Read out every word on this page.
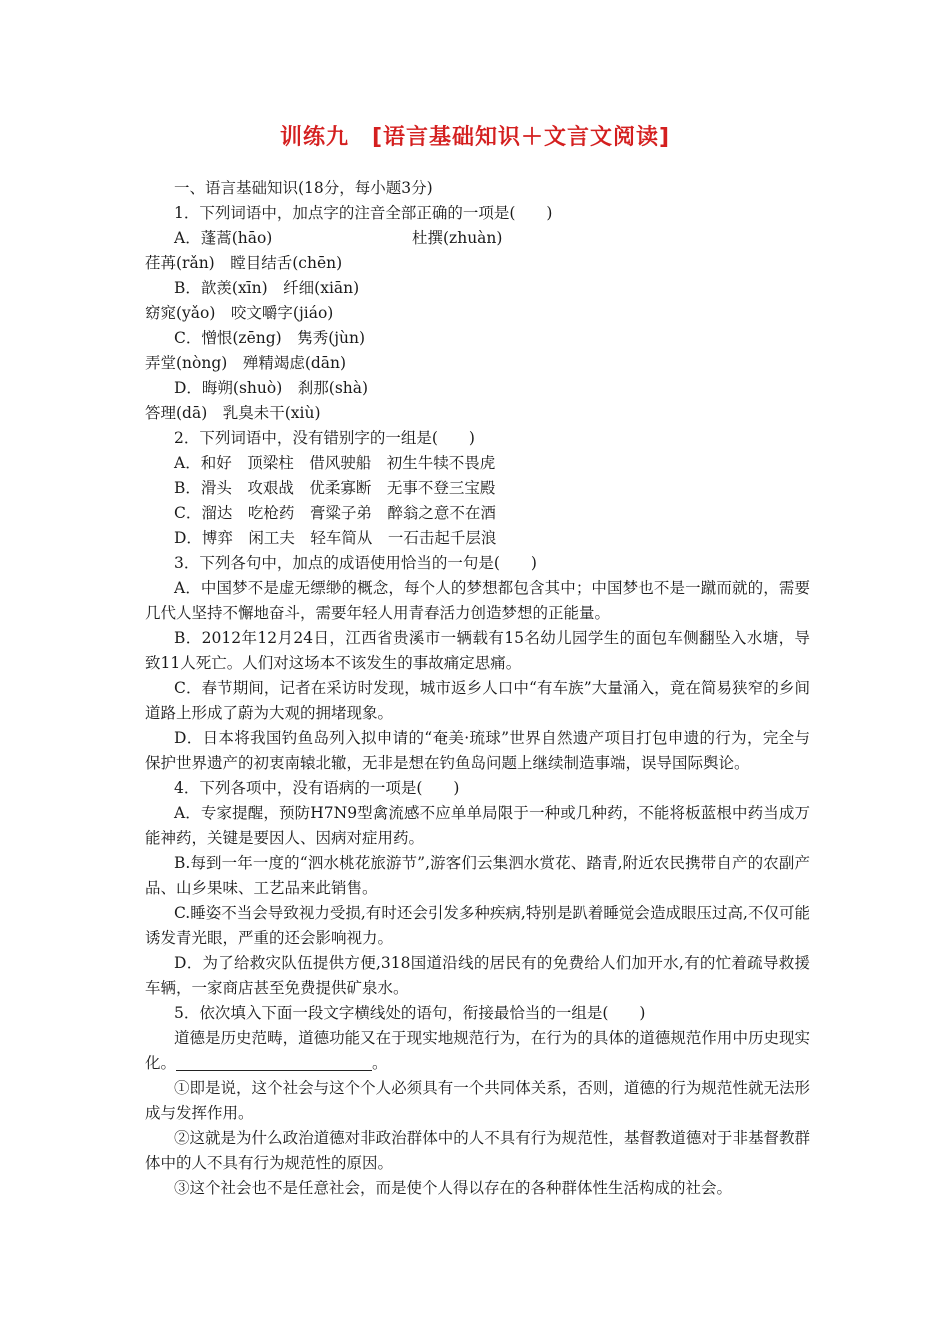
训练九　[语言基础知识＋文言文阅读]
一、语言基础知识(18分，每小题3分)
1．下列词语中，加点字的注音全部正确的一项是(　　)
A．蓬蒿(hāo)	杜撰(zhuàn)
荏苒(rǎn)　瞠目结舌(chēn)
B．歆羡(xīn)　纤细(xiān)
窈窕(yǎo)　咬文嚼字(jiáo)
C．憎恨(zēng)　隽秀(jùn)
弄堂(nòng)　殚精竭虑(dān)
D．晦朔(shuò)　刹那(shà)
答理(dā)　乳臭未干(xiù)
2．下列词语中，没有错别字的一组是(　　)
A．和好　顶梁柱　借风驶船　初生牛犊不畏虎
B．滑头　攻艰战　优柔寡断　无事不登三宝殿
C．溜达　吃枪药　膏粱子弟　醉翁之意不在酒
D．博弈　闲工夫　轻车简从　一石击起千层浪
3．下列各句中，加点的成语使用恰当的一句是(　　)

A．中国梦不是虚无缥缈的概念，每个人的梦想都包含其中；中国梦也不是一蹴而就的，需要几代人坚持不懈地奋斗，需要年轻人用青春活力创造梦想的正能量。

B．2012年12月24日，江西省贵溪市一辆载有15名幼儿园学生的面包车侧翻坠入水塘，导致11人死亡。人们对这场本不该发生的事故痛定思痛。

C．春节期间，记者在采访时发现，城市返乡人口中“有车族”大量涌入，竟在简易狭窄的乡间道路上形成了蔚为大观的拥堵现象。

D．日本将我国钓鱼岛列入拟申请的“奄美·琉球”世界自然遗产项目打包申遗的行为，完全与保护世界遗产的初衷南辕北辙，无非是想在钓鱼岛问题上继续制造事端，误导国际舆论。

4．下列各项中，没有语病的一项是(　　)

A．专家提醒，预防H7N9型禽流感不应单单局限于一种或几种药，不能将板蓝根中药当成万能神药，关键是要因人、因病对症用药。

B.每到一年一度的“泗水桃花旅游节”,游客们云集泗水赏花、踏青,附近农民携带自产的农副产品、山乡果味、工艺品来此销售。

C.睡姿不当会导致视力受损,有时还会引发多种疾病,特别是趴着睡觉会造成眼压过高,不仅可能诱发青光眼，严重的还会影响视力。

D．为了给救灾队伍提供方便,318国道沿线的居民有的免费给人们加开水,有的忙着疏导救援车辆，一家商店甚至免费提供矿泉水。

5．依次填入下面一段文字横线处的语句，衔接最恰当的一组是(　　)

道德是历史范畴，道德功能又在于现实地规范行为，在行为的具体的道德规范作用中历史现实化。	。

①即是说，这个社会与这个个人必须具有一个共同体关系，否则，道德的行为规范性就无法形成与发挥作用。

②这就是为什么政治道德对非政治群体中的人不具有行为规范性，基督教道德对于非基督教群体中的人不具有行为规范性的原因。

③这个社会也不是任意社会，而是使个人得以存在的各种群体性生活构成的社会。
